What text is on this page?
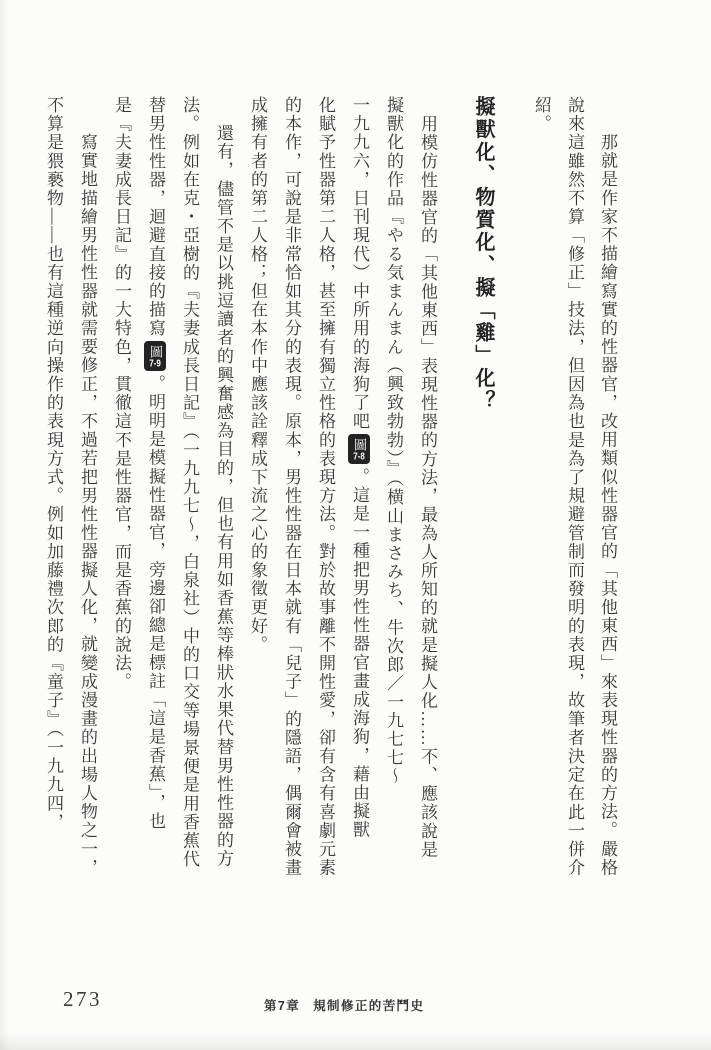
那就是作家不描繪寫實的性器官，改用類似性器官的「其他東西」來表現性器的方法。嚴格
說來這雖然不算「修正」技法，但因為也是為了規避管制而發明的表現，故筆者決定在此一併介
紹。
擬獸化、物質化、擬「雞」化？
用模仿性器官的「其他東西」表現性器的方法，最為人所知的就是擬人化……不、應該說是
擬獸化的作品『やる気まんまん（興致勃勃）』（横山まさみち、牛次郎／一九七七～
一九九六，日刊現代）中所用的海狗了吧圖7-8。這是一種把男性性器官畫成海狗，藉由擬獸
化賦予性器第二人格，甚至擁有獨立性格的表現方法。對於故事離不開性愛，卻有含有喜劇元素
的本作，可說是非常恰如其分的表現。原本，男性性器在日本就有「兒子」的隱語，偶爾會被畫
成擁有者的第二人格；但在本作中應該詮釋成下流之心的象徵更好。
還有，儘管不是以挑逗讀者的興奮感為目的，但也有用如香蕉等棒狀水果代替男性性器的方
法。例如在克・亞樹的『夫妻成長日記』（一九九七～，白泉社）中的口交等場景便是用香蕉代
替男性性器，迴避直接的描寫圖7-9。明明是模擬性器官，旁邊卻總是標註「這是香蕉」，也
是『夫妻成長日記』的一大特色，貫徹這不是性器官，而是香蕉的說法。
寫實地描繪男性性器就需要修正，不過若把男性性器擬人化，就變成漫畫的出場人物之一，
不算是猥褻物——也有這種逆向操作的表現方式。例如加藤禮次郎的『童子』（一九九四，
273	第7章 規制修正的苦鬥史
